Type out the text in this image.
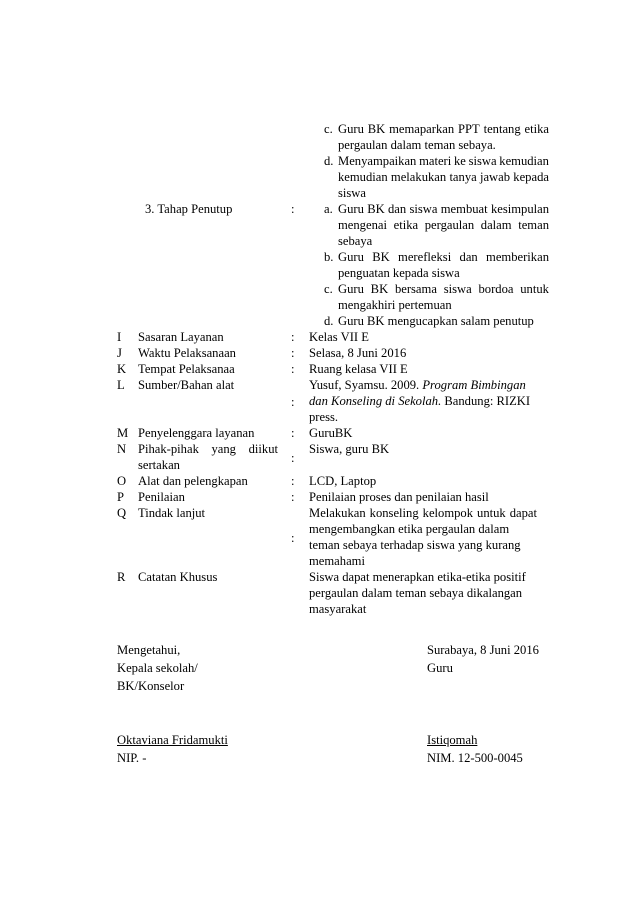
c. Guru BK memaparkan PPT tentang etika
pergaulan dalam teman sebaya.
d. Menyampaikan materi ke siswa kemudian
kemudian melakukan tanya jawab kepada
siswa
3. Tahap Penutup	: a. Guru BK dan siswa membuat kesimpulan
mengenai etika pergaulan dalam teman
sebaya
b. Guru BK merefleksi dan memberikan
penguatan kepada siswa
c. Guru BK bersama siswa bordoa untuk
mengakhiri pertemuan
d. Guru BK mengucapkan salam penutup
I Sasaran Layanan	: Kelas VII E
J Waktu Pelaksanaan	: Selasa, 8 Juni 2016
K Tempat Pelaksanaa	: Ruang kelasa VII E
L Sumber/Bahan alat
:
Yusuf, Syamsu. 2009. Program Bimbingan
dan Konseling di Sekolah. Bandung: RIZKI
press.
M Penyelenggara layanan	: GuruBK
N Pihak-pihak yang diikut
sertakan	:
Siswa, guru BK
O Alat dan pelengkapan	: LCD, Laptop
P Penilaian	: Penilaian proses dan penilaian hasil
Q Tindak lanjut
:
Melakukan konseling kelompok untuk dapat
mengembangkan etika pergaulan dalam
teman sebaya terhadap siswa yang kurang
memahami
R Catatan Khusus	Siswa dapat menerapkan etika-etika positif
pergaulan dalam teman sebaya dikalangan
masyarakat
Mengetahui,
Kepala sekolah/
BK/Konselor
Oktaviana Fridamukti
NIP. -
Surabaya, 8 Juni 2016
Guru
Istiqomah
NIM. 12-500-0045
